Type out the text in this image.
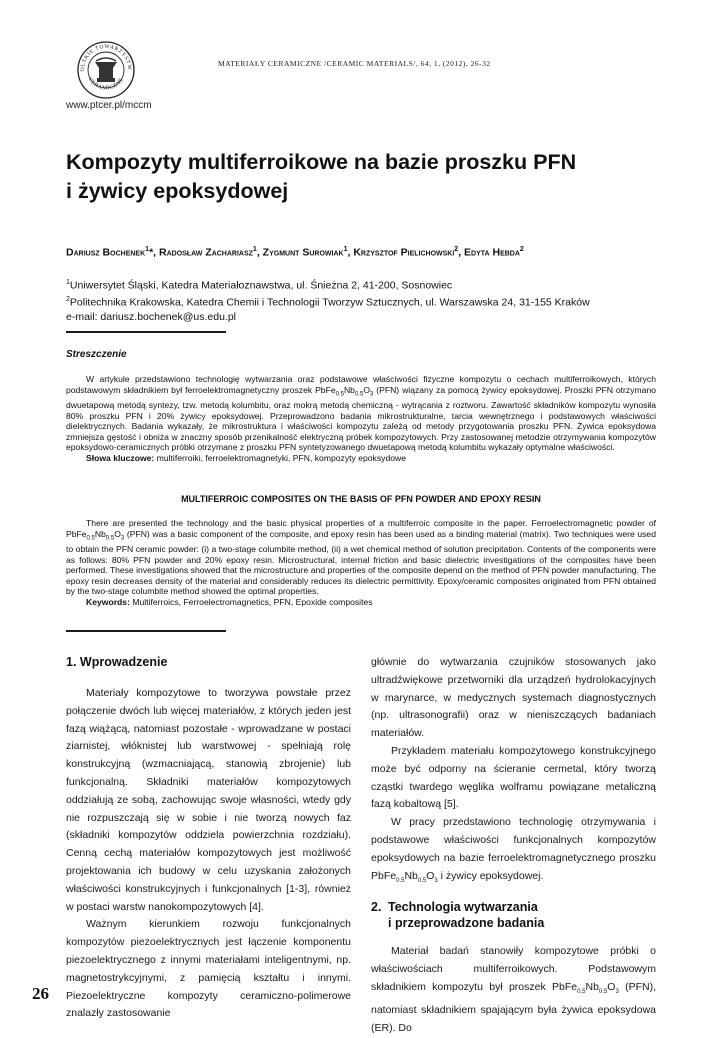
OLSKIE TOWARZYSTW
CERAMICZNE
www.ptcer.pl/mccm
MATERIAŁY CERAMICZNE /CERAMIC MATERIALS/, 64, 1, (2012), 26-32
Kompozyty multiferroikowe na bazie proszku PFN
i żywicy epoksydowej
Dariusz Bochenek$^1$*, Radosław Zachariasz$^1$, Zygmunt Surowiak$^1$, Krzysztof Pielichowski$^2$, Edyta Hebda$^2$
$^1$Uniwersytet Śląski, Katedra Materiałoznawstwa, ul. Śnieżna 2, 41-200, Sosnowiec
$^2$Politechnika Krakowska, Katedra Chemii i Technologii Tworzyw Sztucznych, ul. Warszawska 24, 31-155 Kraków
e-mail: dariusz.bochenek@us.edu.pl
Streszczenie

W artykule przedstawiono technologię wytwarzania oraz podstawowe właściwości fizyczne kompozytu o cechach multiferroikowych, których podstawowym składnikiem był ferroelektromagnetyczny proszek $PbFe_{0.5}Nb_{0.5}O_3$ (PFN) wiązany za pomocą żywicy epoksydowej. Proszki PFN otrzymano dwuetapową metodą syntezy, tzw. metodą kolumbitu, oraz mokrą metodą chemiczną - wytrącania z roztworu. Zawartość składników kompozytu wynosiła 80% proszku PFN i 20% żywicy epoksydowej. Przeprowadzono badania mikrostrukturalne, tarcia wewnętrznego i podstawowych właściwości dielektrycznych. Badania wykazały, że mikrostruktura i właściwości kompozytu zależą od metody przygotowania proszku PFN. Żywica epoksydowa zmniejsza gęstość i obniża w znaczny sposób przenikalność elektryczną próbek kompozytowych. Przy zastosowanej metodzie otrzymywania kompozytów epoksydowo-ceramicznych próbki otrzymane z proszku PFN syntetyzowanego dwuetapową metodą kolumbitu wykazały optymalne właściwości.

Słowa kluczowe: multiferroiki, ferroelektromagnetyki, PFN, kompozyty epoksydowe

MULTIFERROIC COMPOSITES ON THE BASIS OF PFN POWDER AND EPOXY RESIN

There are presented the technology and the basic physical properties of a multiferroic composite in the paper. Ferroelectromagnetic powder of $PbFe_{0.5}Nb_{0.5}O_3$ (PFN) was a basic component of the composite, and epoxy resin has been used as a binding material (matrix). Two techniques were used to obtain the PFN ceramic powder: (i) a two-stage columbite method, (ii) a wet chemical method of solution precipitation. Contents of the components were as follows: 80% PFN powder and 20% epoxy resin. Microstructural, internal friction and basic dielectric investigations of the composites have been performed. These investigations showed that the microstructure and properties of the composite depend on the method of PFN powder manufacturing. The epoxy resin decreases density of the material and considerably reduces its dielectric permittivity. Epoxy/ceramic composites originated from PFN obtained by the two-stage columbite method showed the optimal properties.

Keywords: Multiferroics, Ferroelectromagnetics, PFN, Epoxide composites

1. Wprowadzenie

Materiały kompozytowe to tworzywa powstałe przez połączenie dwóch lub więcej materiałów, z których jeden jest fazą wiążącą, natomiast pozostałe - wprowadzane w postaci ziarnistej, włóknistej lub warstwowej - spełniają rolę konstrukcyjną (wzmacniającą, stanowią zbrojenie) lub funkcjonalną. Składniki materiałów kompozytowych oddziałują ze sobą, zachowując swoje własności, wtedy gdy nie rozpuszczają się w sobie i nie tworzą nowych faz (składniki kompozytów oddziela powierzchnia rozdziału). Cenną cechą materiałów kompozytowych jest możliwość projektowania ich budowy w celu uzyskania założonych właściwości konstrukcyjnych i funkcjonalnych [1-3], również w postaci warstw nanokompozytowych [4].

Ważnym kierunkiem rozwoju funkcjonalnych kompozytów piezoelektrycznych jest łączenie komponentu piezoelektrycznego z innymi materiałami inteligentnymi, np. magnetostrykcyjnymi, z pamięcią kształtu i innymi. Piezoelektryczne kompozyty ceramiczno-polimerowe znalazły zastosowanie

głównie do wytwarzania czujników stosowanych jako ultradźwiękowe przetworniki dla urządzeń hydrolokacyjnych w marynarce, w medycznych systemach diagnostycznych (np. ultrasonografii) oraz w nieniszczących badaniach materiałów.

Przykładem materiału kompozytowego konstrukcyjnego może być odporny na ścieranie cermetal, który tworzą cząstki twardego węglika wolframu powiązane metaliczną fazą kobaltową [5].

W pracy przedstawiono technologię otrzymywania i podstawowe właściwości funkcjonalnych kompozytów epoksydowych na bazie ferroelektromagnetycznego proszku $PbFe_{0.5}Nb_{0.5}O_3$ i żywicy epoksydowej.

2. Technologia wytwarzania
i przeprowadzone badania

Materiał badań stanowiły kompozytowe próbki o właściwościach multiferroikowych. Podstawowym składnikiem kompozytu był proszek $PbFe_{0.5}Nb_{0.5}O_3$ (PFN), natomiast składnikiem spajającym była żywica epoksydowa (ER). Do

26
